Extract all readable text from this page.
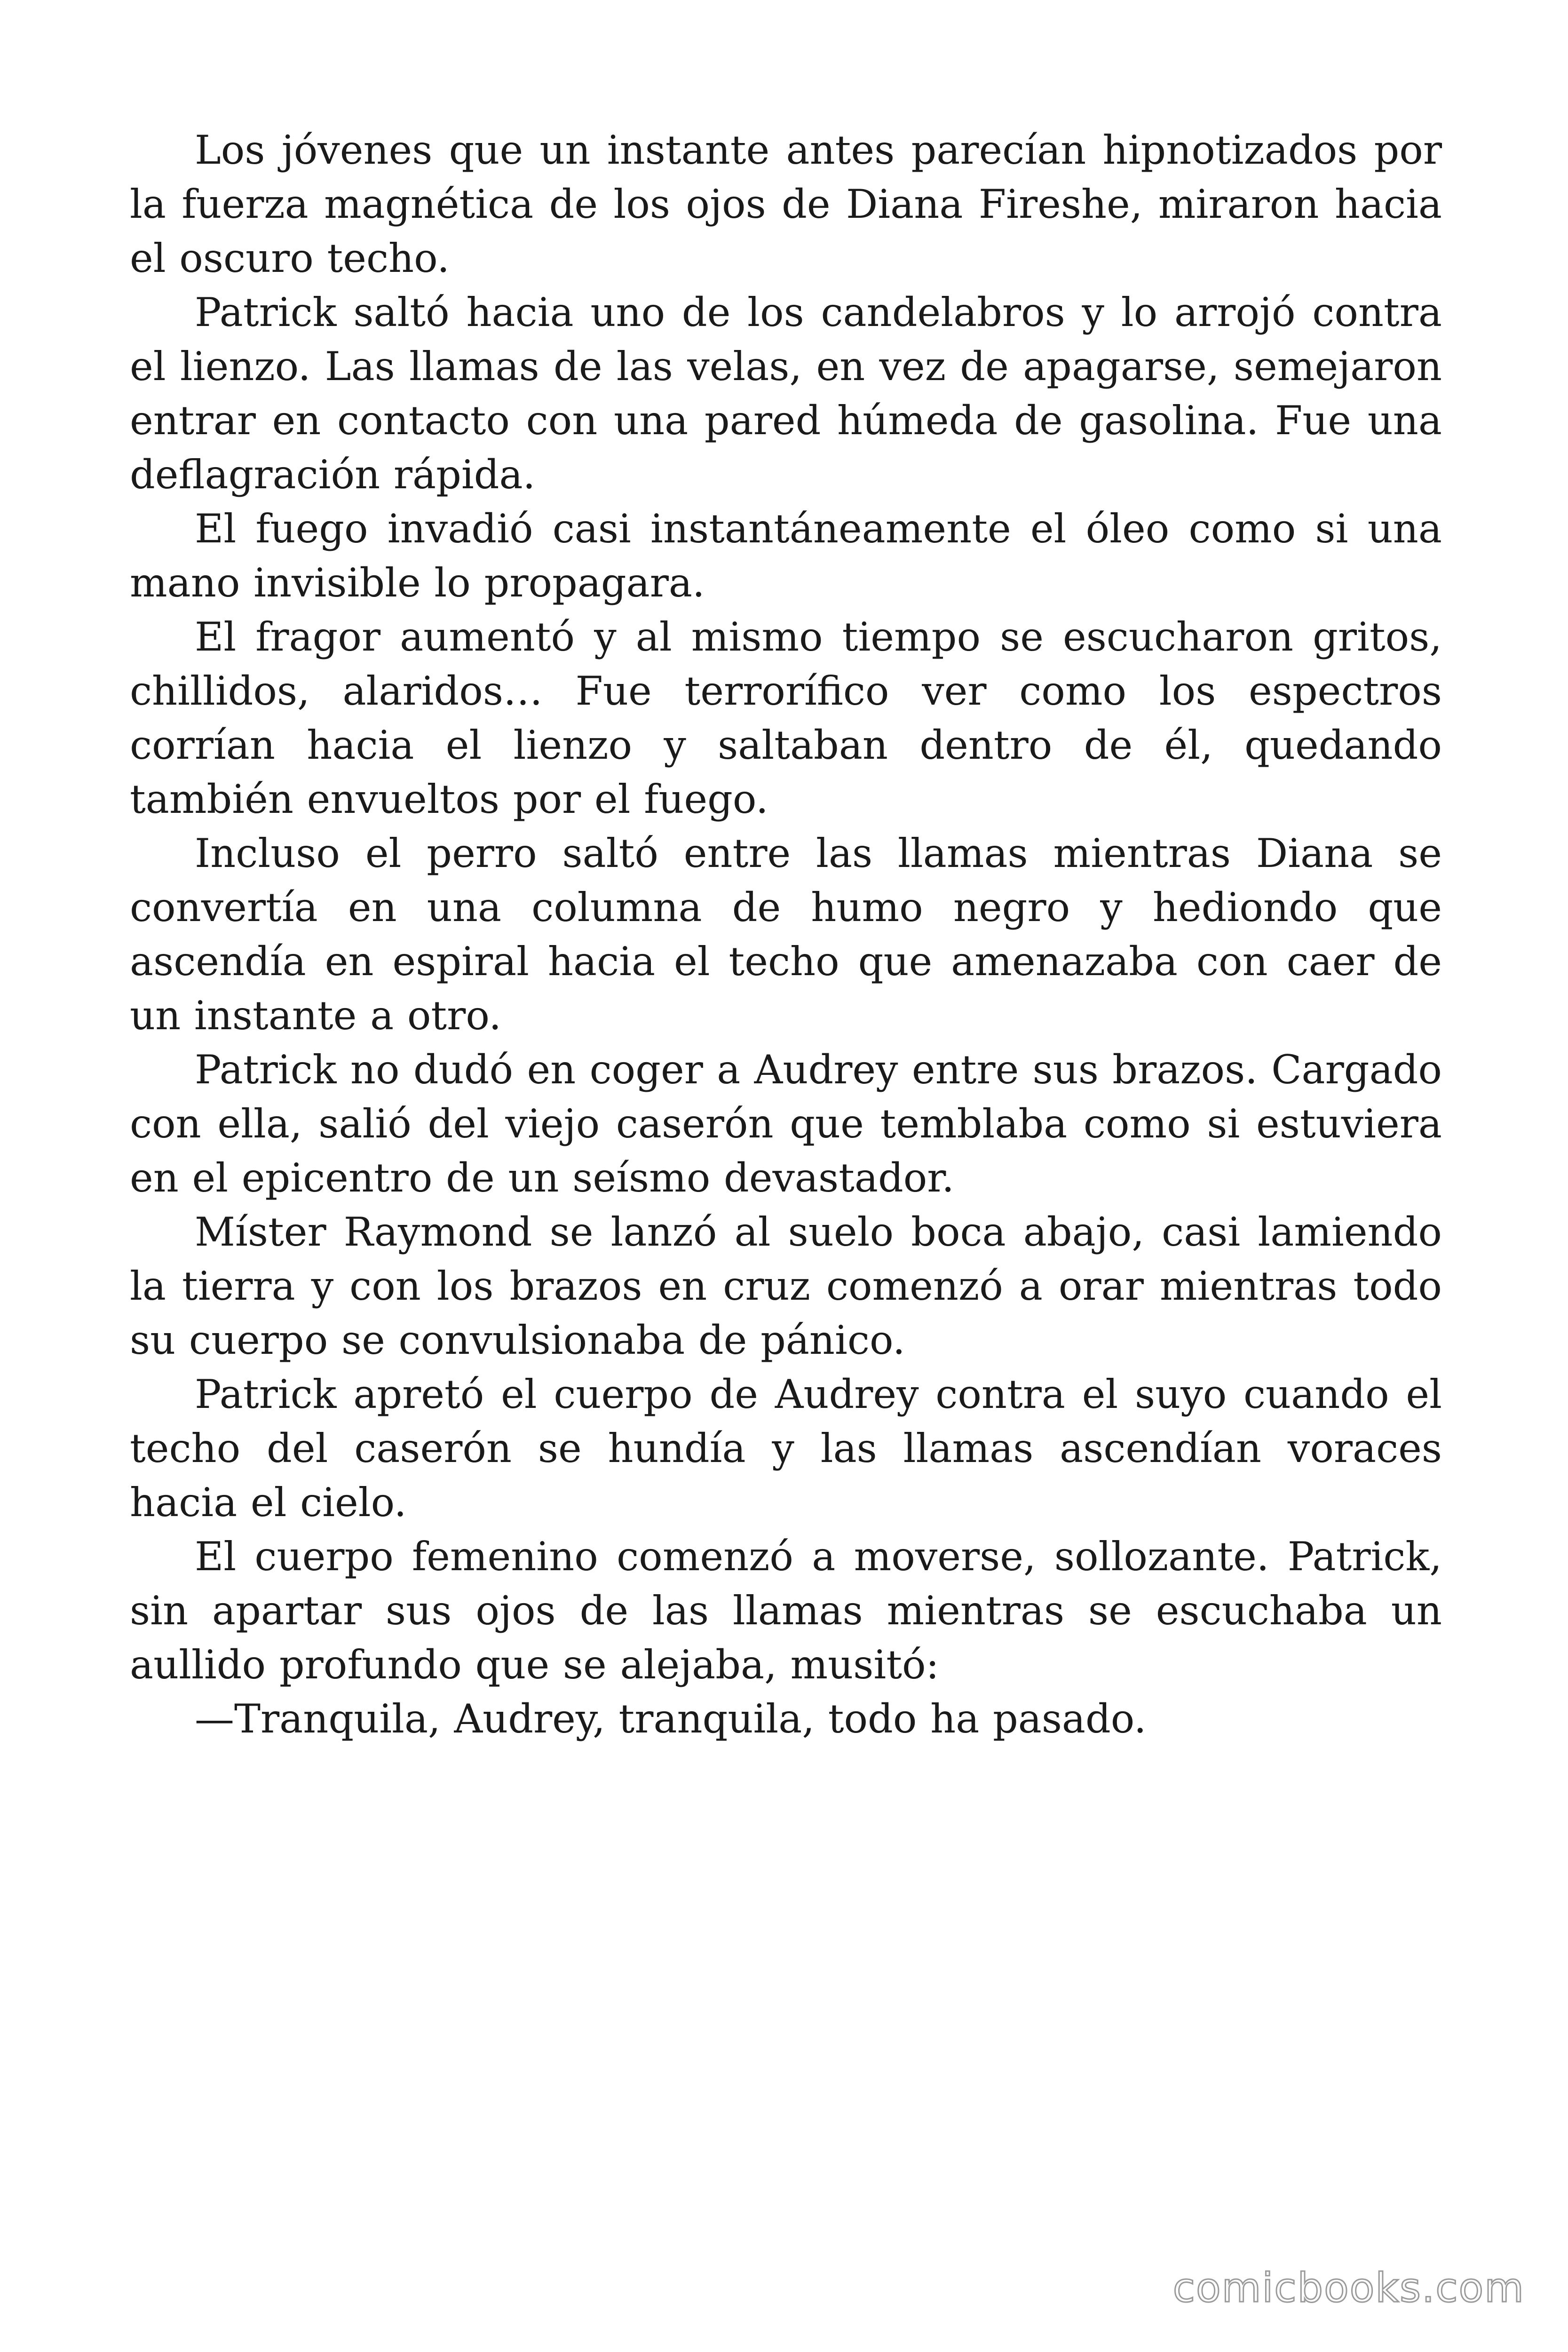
Los jóvenes que un instante antes parecían hipnotizados por la fuerza magnética de los ojos de Diana Fireshe, miraron hacia el oscuro techo.

Patrick saltó hacia uno de los candelabros y lo arrojó contra el lienzo. Las llamas de las velas, en vez de apagarse, semejaron entrar en contacto con una pared húmeda de gasolina. Fue una deflagración rápida.

El fuego invadió casi instantáneamente el óleo como si una mano invisible lo propagara.

El fragor aumentó y al mismo tiempo se escucharon gritos, chillidos, alaridos… Fue terrorífico ver como los espectros corrían hacia el lienzo y saltaban dentro de él, quedando también envueltos por el fuego.

Incluso el perro saltó entre las llamas mientras Diana se convertía en una columna de humo negro y hediondo que ascendía en espiral hacia el techo que amenazaba con caer de un instante a otro.

Patrick no dudó en coger a Audrey entre sus brazos. Cargado con ella, salió del viejo caserón que temblaba como si estuviera en el epicentro de un seísmo devastador.

Míster Raymond se lanzó al suelo boca abajo, casi lamiendo la tierra y con los brazos en cruz comenzó a orar mientras todo su cuerpo se convulsionaba de pánico.

Patrick apretó el cuerpo de Audrey contra el suyo cuando el techo del caserón se hundía y las llamas ascendían voraces hacia el cielo.

El cuerpo femenino comenzó a moverse, sollozante. Patrick, sin apartar sus ojos de las llamas mientras se escuchaba un aullido profundo que se alejaba, musitó:

—Tranquila, Audrey, tranquila, todo ha pasado.

comicbooks.com
